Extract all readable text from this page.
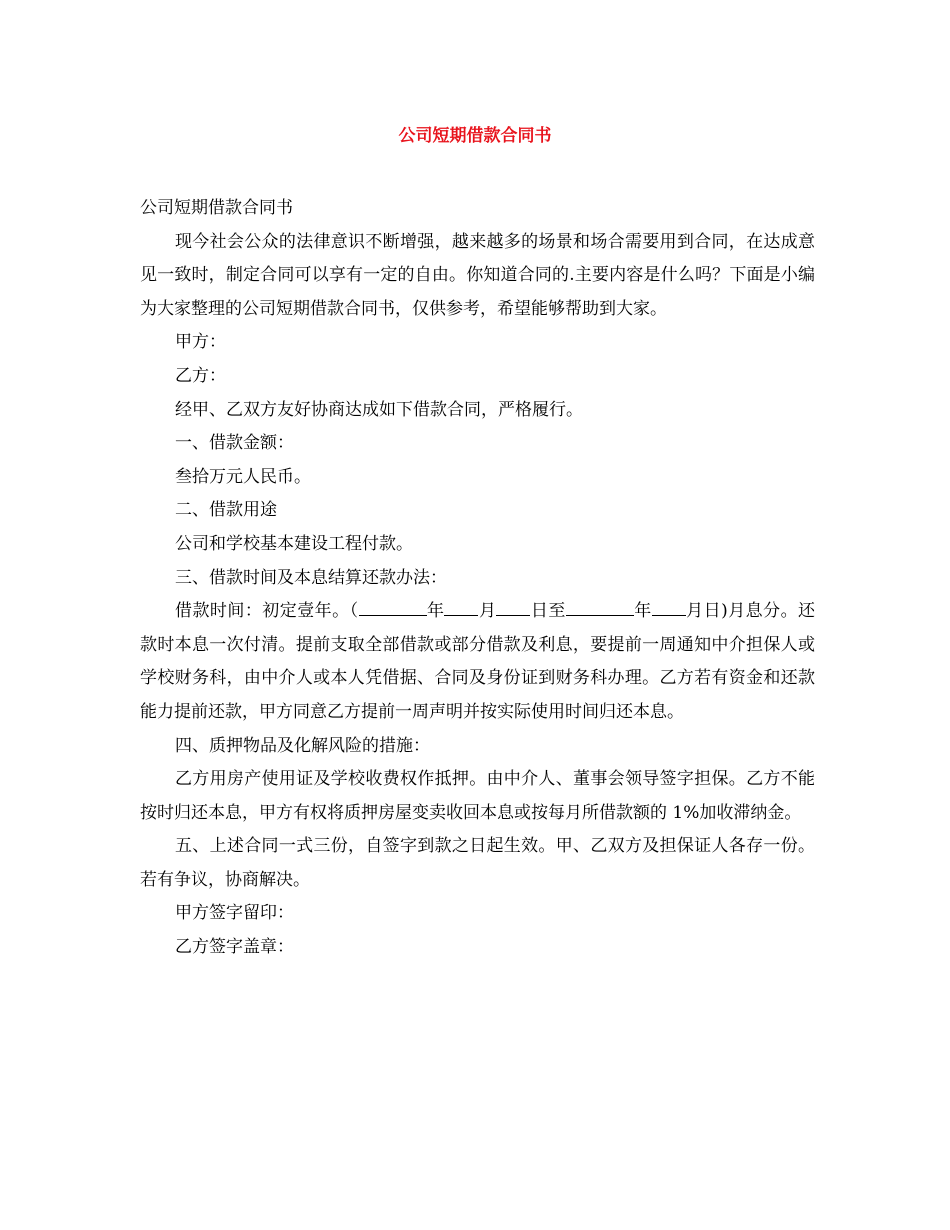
公司短期借款合同书

公司短期借款合同书

现今社会公众的法律意识不断增强，越来越多的场景和场合需要用到合同，在达成意见一致时，制定合同可以享有一定的自由。你知道合同的.主要内容是什么吗？下面是小编为大家整理的公司短期借款合同书，仅供参考，希望能够帮助到大家。

甲方：

乙方：

经甲、乙双方友好协商达成如下借款合同，严格履行。

一、借款金额：

叁拾万元人民币。

二、借款用途

公司和学校基本建设工程付款。

三、借款时间及本息结算还款办法：

借款时间：初定壹年。（	年 月 日至	年 月日)月息分。还款时本息一次付清。提前支取全部借款或部分借款及利息，要提前一周通知中介担保人或学校财务科，由中介人或本人凭借据、合同及身份证到财务科办理。乙方若有资金和还款能力提前还款，甲方同意乙方提前一周声明并按实际使用时间归还本息。

四、质押物品及化解风险的措施：

乙方用房产使用证及学校收费权作抵押。由中介人、董事会领导签字担保。乙方不能按时归还本息，甲方有权将质押房屋变卖收回本息或按每月所借款额的 1%加收滞纳金。

五、上述合同一式三份，自签字到款之日起生效。甲、乙双方及担保证人各存一份。若有争议，协商解决。

甲方签字留印：

乙方签字盖章：
